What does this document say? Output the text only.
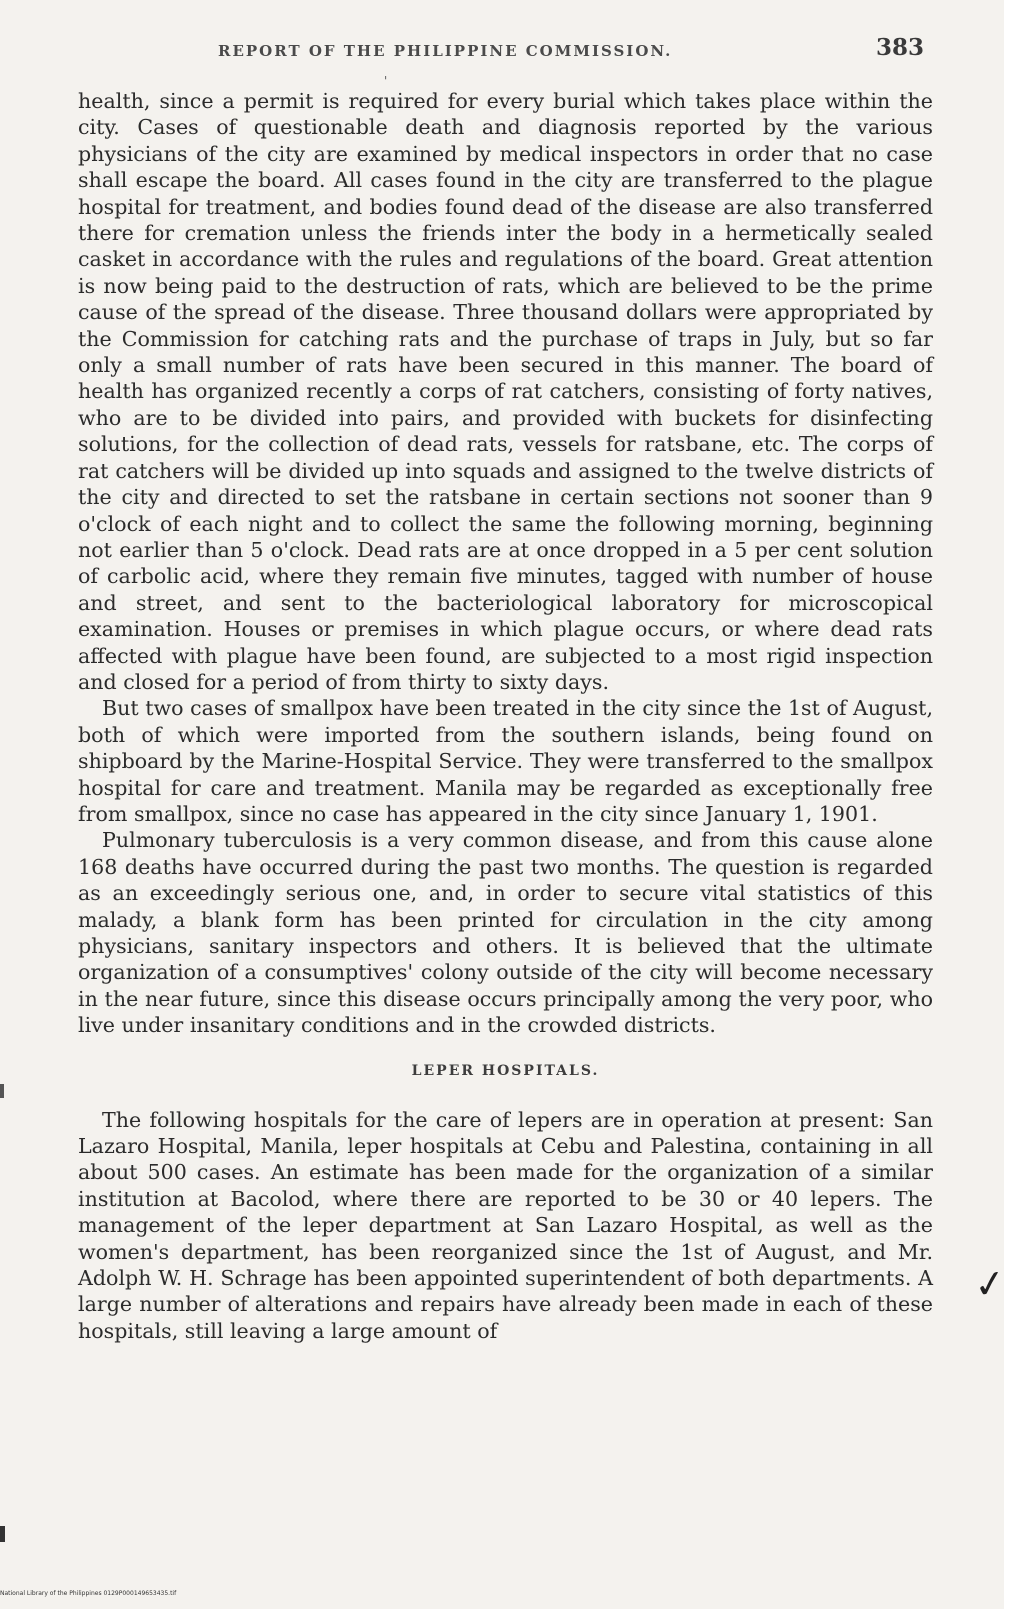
REPORT OF THE PHILIPPINE COMMISSION.	383
'

health, since a permit is required for every burial which takes place within the city. Cases of questionable death and diagnosis reported by the various physicians of the city are examined by medical inspectors in order that no case shall escape the board. All cases found in the city are transferred to the plague hospital for treatment, and bodies found dead of the disease are also transferred there for cremation unless the friends inter the body in a hermetically sealed casket in accordance with the rules and regulations of the board. Great attention is now being paid to the destruction of rats, which are believed to be the prime cause of the spread of the disease. Three thousand dollars were appropriated by the Commission for catching rats and the purchase of traps in July, but so far only a small number of rats have been secured in this manner. The board of health has organized recently a corps of rat catchers, consisting of forty natives, who are to be divided into pairs, and provided with buckets for disinfecting solutions, for the collection of dead rats, vessels for ratsbane, etc. The corps of rat catchers will be divided up into squads and assigned to the twelve districts of the city and directed to set the ratsbane in certain sections not sooner than 9 o'clock of each night and to collect the same the following morning, beginning not earlier than 5 o'clock. Dead rats are at once dropped in a 5 per cent solution of carbolic acid, where they remain five minutes, tagged with number of house and street, and sent to the bacteriological laboratory for microscopical examination. Houses or premises in which plague occurs, or where dead rats affected with plague have been found, are subjected to a most rigid inspection and closed for a period of from thirty to sixty days.

But two cases of smallpox have been treated in the city since the 1st of August, both of which were imported from the southern islands, being found on shipboard by the Marine-Hospital Service. They were transferred to the smallpox hospital for care and treatment. Manila may be regarded as exceptionally free from smallpox, since no case has appeared in the city since January 1, 1901.

Pulmonary tuberculosis is a very common disease, and from this cause alone 168 deaths have occurred during the past two months. The question is regarded as an exceedingly serious one, and, in order to secure vital statistics of this malady, a blank form has been printed for circulation in the city among physicians, sanitary inspectors and others. It is believed that the ultimate organization of a consumptives' colony outside of the city will become necessary in the near future, since this disease occurs principally among the very poor, who live under insanitary conditions and in the crowded districts.

LEPER HOSPITALS.

The following hospitals for the care of lepers are in operation at present: San Lazaro Hospital, Manila, leper hospitals at Cebu and Palestina, containing in all about 500 cases. An estimate has been made for the organization of a similar institution at Bacolod, where there are reported to be 30 or 40 lepers. The management of the leper department at San Lazaro Hospital, as well as the women's department, has been reorganized since the 1st of August, and Mr. Adolph W. H. Schrage has been appointed superintendent of both departments. A large number of alterations and repairs have already been made in each of these hospitals, still leaving a large amount of

✓
National Library of the Philippines 0129P000149653435.tif
